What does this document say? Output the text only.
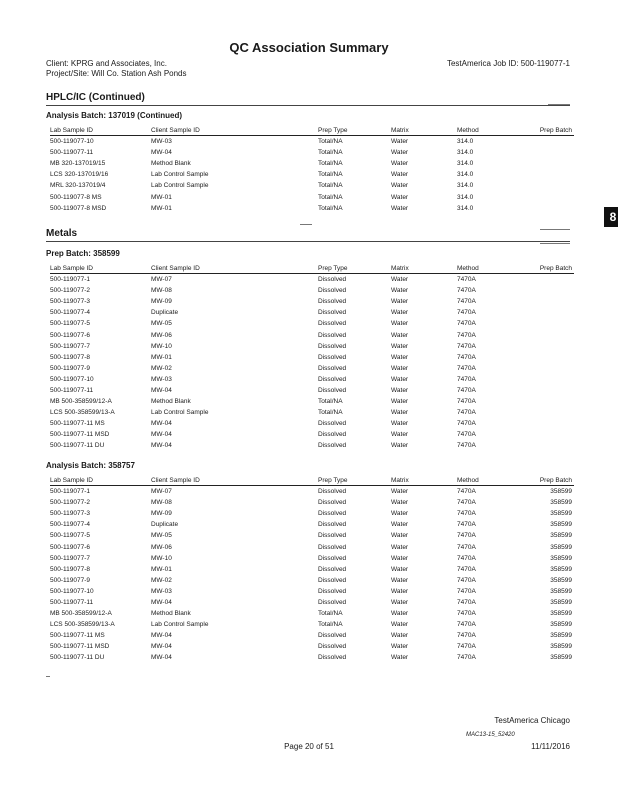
QC Association Summary
Client: KPRG and Associates, Inc.
Project/Site: Will Co. Station Ash Ponds
TestAmerica Job ID: 500-119077-1
HPLC/IC (Continued)
Analysis Batch: 137019 (Continued)
Lab Sample ID	Client Sample ID	Prep Type	Matrix	Method	Prep Batch
500-119077-10	MW-03	Total/NA	Water	314.0	
500-119077-11	MW-04	Total/NA	Water	314.0	
MB 320-137019/15	Method Blank	Total/NA	Water	314.0	
LCS 320-137019/16	Lab Control Sample	Total/NA	Water	314.0	
MRL 320-137019/4	Lab Control Sample	Total/NA	Water	314.0	
500-119077-8 MS	MW-01	Total/NA	Water	314.0	
500-119077-8 MSD	MW-01	Total/NA	Water	314.0	
Metals
Prep Batch: 358599
Lab Sample ID	Client Sample ID	Prep Type	Matrix	Method	Prep Batch
500-119077-1	MW-07	Dissolved	Water	7470A	
500-119077-2	MW-08	Dissolved	Water	7470A	
500-119077-3	MW-09	Dissolved	Water	7470A	
500-119077-4	Duplicate	Dissolved	Water	7470A	
500-119077-5	MW-05	Dissolved	Water	7470A	
500-119077-6	MW-06	Dissolved	Water	7470A	
500-119077-7	MW-10	Dissolved	Water	7470A	
500-119077-8	MW-01	Dissolved	Water	7470A	
500-119077-9	MW-02	Dissolved	Water	7470A	
500-119077-10	MW-03	Dissolved	Water	7470A	
500-119077-11	MW-04	Dissolved	Water	7470A	
MB 500-358599/12-A	Method Blank	Total/NA	Water	7470A	
LCS 500-358599/13-A	Lab Control Sample	Total/NA	Water	7470A	
500-119077-11 MS	MW-04	Dissolved	Water	7470A	
500-119077-11 MSD	MW-04	Dissolved	Water	7470A	
500-119077-11 DU	MW-04	Dissolved	Water	7470A	
Analysis Batch: 358757
Lab Sample ID	Client Sample ID	Prep Type	Matrix	Method	Prep Batch
500-119077-1	MW-07	Dissolved	Water	7470A	358599
500-119077-2	MW-08	Dissolved	Water	7470A	358599
500-119077-3	MW-09	Dissolved	Water	7470A	358599
500-119077-4	Duplicate	Dissolved	Water	7470A	358599
500-119077-5	MW-05	Dissolved	Water	7470A	358599
500-119077-6	MW-06	Dissolved	Water	7470A	358599
500-119077-7	MW-10	Dissolved	Water	7470A	358599
500-119077-8	MW-01	Dissolved	Water	7470A	358599
500-119077-9	MW-02	Dissolved	Water	7470A	358599
500-119077-10	MW-03	Dissolved	Water	7470A	358599
500-119077-11	MW-04	Dissolved	Water	7470A	358599
MB 500-358599/12-A	Method Blank	Total/NA	Water	7470A	358599
LCS 500-358599/13-A	Lab Control Sample	Total/NA	Water	7470A	358599
500-119077-11 MS	MW-04	Dissolved	Water	7470A	358599
500-119077-11 MSD	MW-04	Dissolved	Water	7470A	358599
500-119077-11 DU	MW-04	Dissolved	Water	7470A	358599
8
TestAmerica Chicago
MAC13-15_52420
Page 20 of 51	11/11/2016
